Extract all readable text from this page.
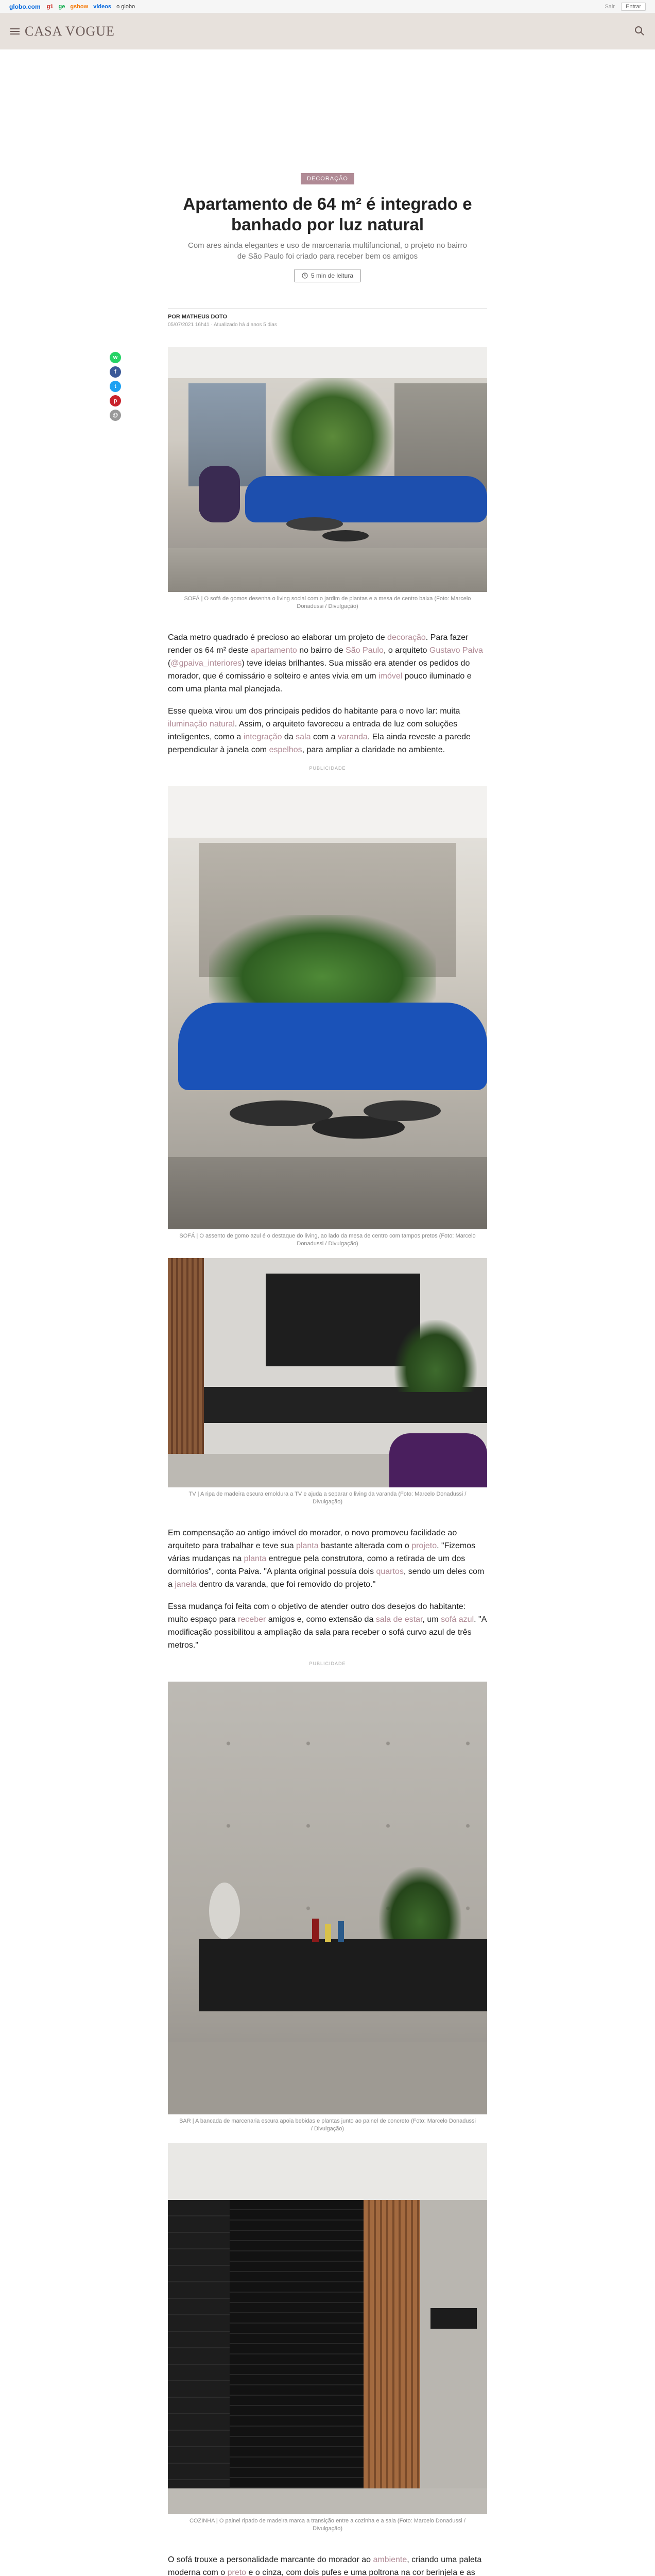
globo.com g1 ge gshow vídeos o globo	Sair	Entrar
CASA VOGUE
w
f
t
p
@
DECORAÇÃO
Apartamento de 64 m² é integrado e banhado por luz natural

Com ares ainda elegantes e uso de marcenaria multifuncional, o projeto no bairro de São Paulo foi criado para receber bem os amigos

5 min de leitura
POR MATHEUS DOTO
05/07/2021 16h41 · Atualizado há 4 anos 5 dias

SOFÁ | O sofá de gomos desenha o living social com o jardim de plantas e a mesa de centro baixa (Foto: Marcelo Donadussi / Divulgação)

Cada metro quadrado é precioso ao elaborar um projeto de decoração. Para fazer render os 64 m² deste apartamento no bairro de São Paulo, o arquiteto Gustavo Paiva (@gpaiva_interiores) teve ideias brilhantes. Sua missão era atender os pedidos do morador, que é comissário e solteiro e antes vivia em um imóvel pouco iluminado e com uma planta mal planejada.

Esse queixa virou um dos principais pedidos do habitante para o novo lar: muita iluminação natural. Assim, o arquiteto favoreceu a entrada de luz com soluções inteligentes, como a integração da sala com a varanda. Ela ainda reveste a parede perpendicular à janela com espelhos, para ampliar a claridade no ambiente.

PUBLICIDADE

SOFÁ | O assento de gomo azul é o destaque do living, ao lado da mesa de centro com tampos pretos (Foto: Marcelo Donadussi / Divulgação)

TV | A ripa de madeira escura emoldura a TV e ajuda a separar o living da varanda (Foto: Marcelo Donadussi / Divulgação)

Em compensação ao antigo imóvel do morador, o novo promoveu facilidade ao arquiteto para trabalhar e teve sua planta bastante alterada com o projeto. "Fizemos várias mudanças na planta entregue pela construtora, como a retirada de um dos dormitórios", conta Paiva. "A planta original possuía dois quartos, sendo um deles com a janela dentro da varanda, que foi removido do projeto."

Essa mudança foi feita com o objetivo de atender outro dos desejos do habitante: muito espaço para receber amigos e, como extensão da sala de estar, um sofá azul. "A modificação possibilitou a ampliação da sala para receber o sofá curvo azul de três metros."

PUBLICIDADE

BAR | A bancada de marcenaria escura apoia bebidas e plantas junto ao painel de concreto (Foto: Marcelo Donadussi / Divulgação)

COZINHA | O painel ripado de madeira marca a transição entre a cozinha e a sala (Foto: Marcelo Donadussi / Divulgação)

O sofá trouxe a personalidade marcante do morador ao ambiente, criando uma paleta moderna com o preto e o cinza, com dois pufes e uma poltrona na cor berinjela e as
